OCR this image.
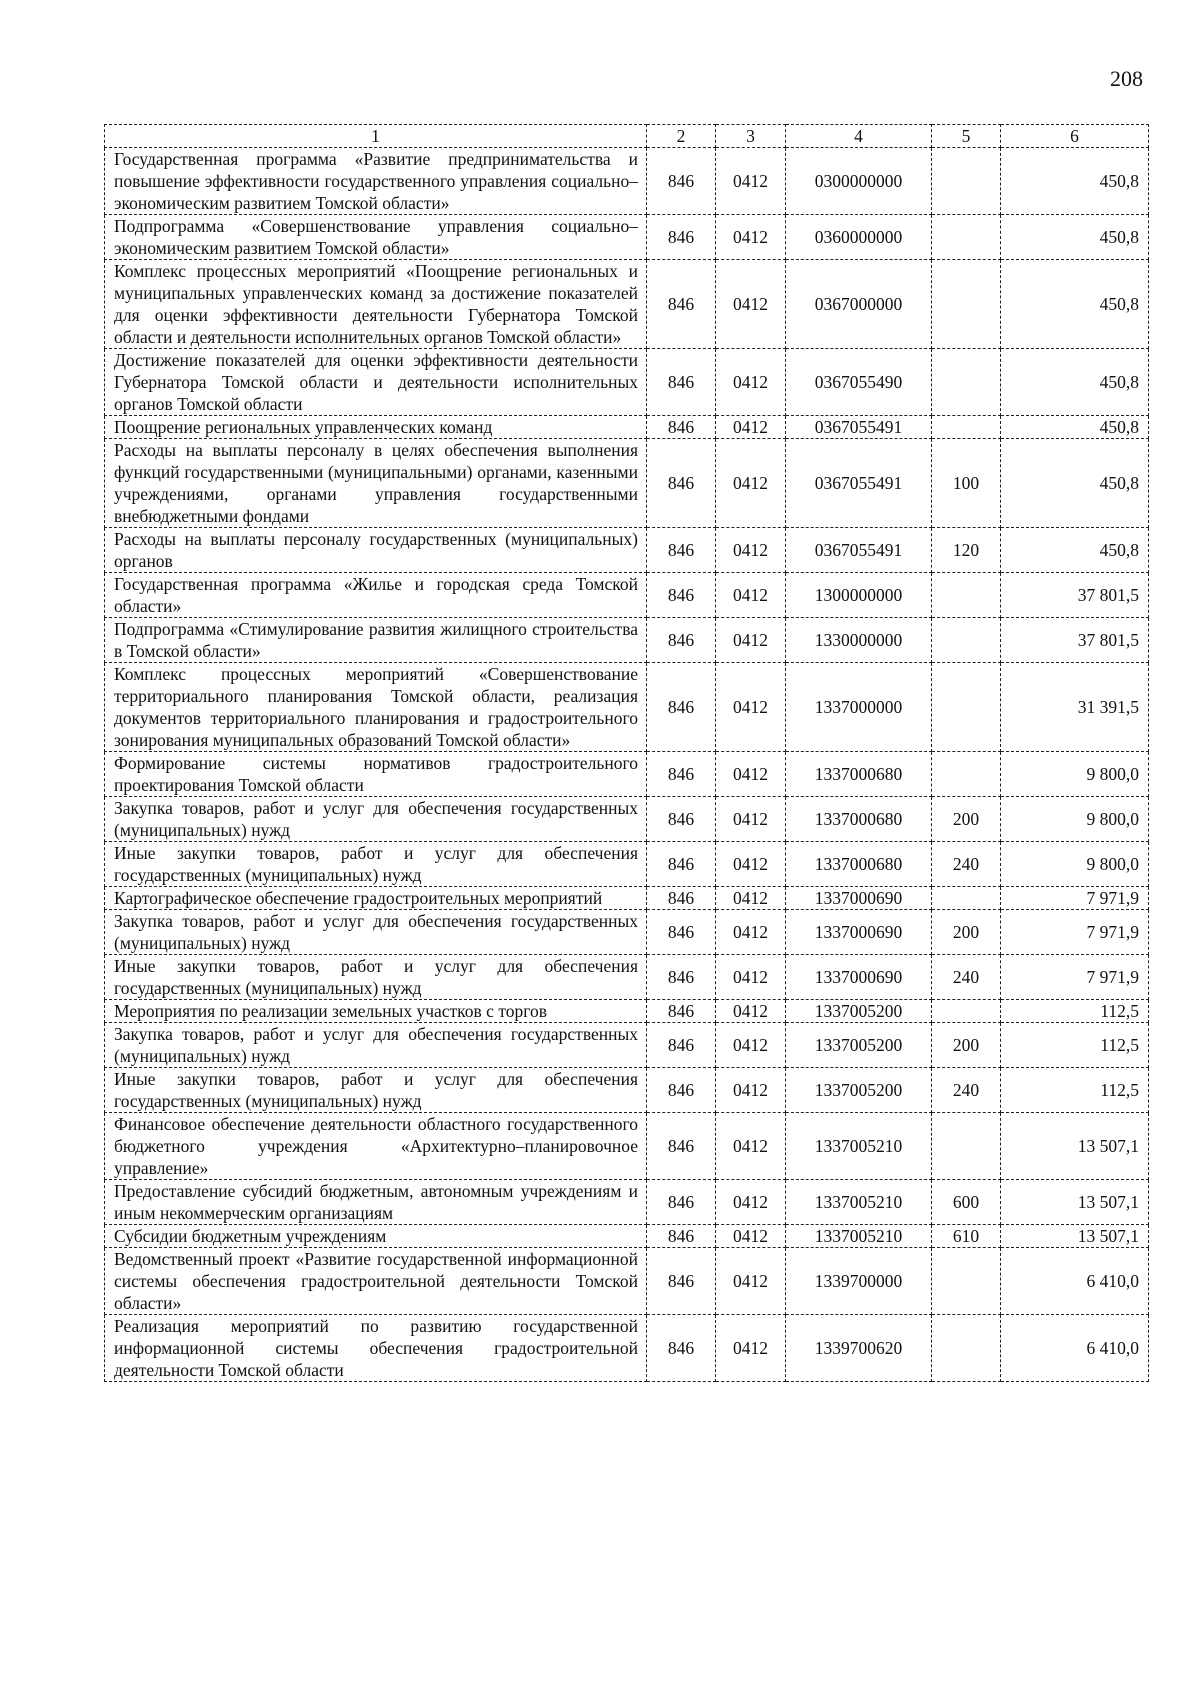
208
1	2	3	4	5	6
Государственная программа «Развитие предпринимательства и повышение эффективности государственного управления социально–экономическим развитием Томской области»	846	0412	0300000000		450,8
Подпрограмма «Совершенствование управления социально–экономическим развитием Томской области»	846	0412	0360000000		450,8
Комплекс процессных мероприятий «Поощрение региональных и муниципальных управленческих команд за достижение показателей для оценки эффективности деятельности Губернатора Томской области и деятельности исполнительных органов Томской области»	846	0412	0367000000		450,8
Достижение показателей для оценки эффективности деятельности Губернатора Томской области и деятельности исполнительных органов Томской области	846	0412	0367055490		450,8
Поощрение региональных управленческих команд	846	0412	0367055491		450,8
Расходы на выплаты персоналу в целях обеспечения выполнения функций государственными (муниципальными) органами, казенными учреждениями, органами управления государственными внебюджетными фондами	846	0412	0367055491	100	450,8
Расходы на выплаты персоналу государственных (муниципальных) органов	846	0412	0367055491	120	450,8
Государственная программа «Жилье и городская среда Томской области»	846	0412	1300000000		37 801,5
Подпрограмма «Стимулирование развития жилищного строительства в Томской области»	846	0412	1330000000		37 801,5
Комплекс процессных мероприятий «Совершенствование территориального планирования Томской области, реализация документов территориального планирования и градостроительного зонирования муниципальных образований Томской области»	846	0412	1337000000		31 391,5
Формирование системы нормативов градостроительного проектирования Томской области	846	0412	1337000680		9 800,0
Закупка товаров, работ и услуг для обеспечения государственных (муниципальных) нужд	846	0412	1337000680	200	9 800,0
Иные закупки товаров, работ и услуг для обеспечения государственных (муниципальных) нужд	846	0412	1337000680	240	9 800,0
Картографическое обеспечение градостроительных мероприятий	846	0412	1337000690		7 971,9
Закупка товаров, работ и услуг для обеспечения государственных (муниципальных) нужд	846	0412	1337000690	200	7 971,9
Иные закупки товаров, работ и услуг для обеспечения государственных (муниципальных) нужд	846	0412	1337000690	240	7 971,9
Мероприятия по реализации земельных участков с торгов	846	0412	1337005200		112,5
Закупка товаров, работ и услуг для обеспечения государственных (муниципальных) нужд	846	0412	1337005200	200	112,5
Иные закупки товаров, работ и услуг для обеспечения государственных (муниципальных) нужд	846	0412	1337005200	240	112,5
Финансовое обеспечение деятельности областного государственного бюджетного учреждения «Архитектурно–планировочное управление»	846	0412	1337005210		13 507,1
Предоставление субсидий бюджетным, автономным учреждениям и иным некоммерческим организациям	846	0412	1337005210	600	13 507,1
Субсидии бюджетным учреждениям	846	0412	1337005210	610	13 507,1
Ведомственный проект «Развитие государственной информационной системы обеспечения градостроительной деятельности Томской области»	846	0412	1339700000		6 410,0
Реализация мероприятий по развитию государственной информационной системы обеспечения градостроительной деятельности Томской области	846	0412	1339700620		6 410,0
